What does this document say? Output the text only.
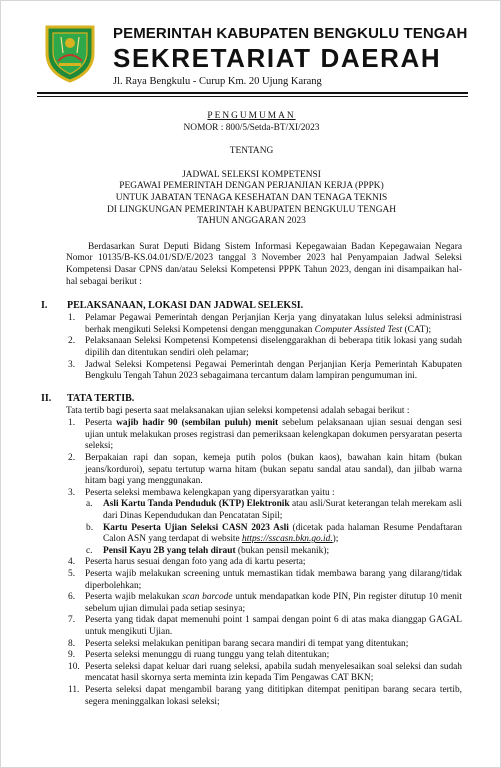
PEMERINTAH KABUPATEN BENGKULU TENGAH
SEKRETARIAT DAERAH
Jl. Raya Bengkulu - Curup Km. 20 Ujung Karang
PENGUMUMAN
NOMOR : 800/5/Setda-BT/XI/2023
TENTANG
JADWAL SELEKSI KOMPETENSI
PEGAWAI PEMERINTAH DENGAN PERJANJIAN KERJA (PPPK)
UNTUK JABATAN TENAGA KESEHATAN DAN TENAGA TEKNIS
DI LINGKUNGAN PEMERINTAH KABUPATEN BENGKULU TENGAH
TAHUN ANGGARAN 2023
Berdasarkan Surat Deputi Bidang Sistem Informasi Kepegawaian Badan Kepegawaian Negara Nomor 10135/B-KS.04.01/SD/E/2023 tanggal 3 November 2023 hal Penyampaian Jadwal Seleksi Kompetensi Dasar CPNS dan/atau Seleksi Kompetensi PPPK Tahun 2023, dengan ini disampaikan hal-hal sebagai berikut :
I. PELAKSANAAN, LOKASI DAN JADWAL SELEKSI.
1. Pelamar Pegawai Pemerintah dengan Perjanjian Kerja yang dinyatakan lulus seleksi administrasi berhak mengikuti Seleksi Kompetensi dengan menggunakan Computer Assisted Test (CAT);
2. Pelaksanaan Seleksi Kompetensi Kompetensi diselenggarakhan di beberapa titik lokasi yang sudah dipilih dan ditentukan sendiri oleh pelamar;
3. Jadwal Seleksi Kompetensi Pegawai Pemerintah dengan Perjanjian Kerja Pemerintah Kabupaten Bengkulu Tengah Tahun 2023 sebagaimana tercantum dalam lampiran pengumuman ini.
II. TATA TERTIB.
Tata tertib bagi peserta saat melaksanakan ujian seleksi kompetensi adalah sebagai berikut :
1. Peserta wajib hadir 90 (sembilan puluh) menit sebelum pelaksanaan ujian sesuai dengan sesi ujian untuk melakukan proses registrasi dan pemeriksaan kelengkapan dokumen persyaratan peserta seleksi;
2. Berpakaian rapi dan sopan, kemeja putih polos (bukan kaos), bawahan kain hitam (bukan jeans/korduroi), sepatu tertutup warna hitam (bukan sepatu sandal atau sandal), dan jilbab warna hitam bagi yang menggunakan.
3. Peserta seleksi membawa kelengkapan yang dipersyaratkan yaitu :
a. Asli Kartu Tanda Penduduk (KTP) Elektronik atau asli/Surat keterangan telah merekam asli dari Dinas Kependudukan dan Pencatatan Sipil;
b. Kartu Peserta Ujian Seleksi CASN 2023 Asli (dicetak pada halaman Resume Pendaftaran Calon ASN yang terdapat di website https://sscasn.bkn.go.id.);
c. Pensil Kayu 2B yang telah diraut (bukan pensil mekanik);
4. Peserta harus sesuai dengan foto yang ada di kartu peserta;
5. Peserta wajib melakukan screening untuk memastikan tidak membawa barang yang dilarang/tidak diperbolehkan;
6. Peserta wajib melakukan scan barcode untuk mendapatkan kode PIN, Pin register ditutup 10 menit sebelum ujian dimulai pada setiap sesinya;
7. Peserta yang tidak dapat memenuhi point 1 sampai dengan point 6 di atas maka dianggap GAGAL untuk mengikuti Ujian.
8. Peserta seleksi melakukan penitipan barang secara mandiri di tempat yang ditentukan;
9. Peserta seleksi menunggu di ruang tunggu yang telah ditentukan;
10. Peserta seleksi dapat keluar dari ruang seleksi, apabila sudah menyelesaikan soal seleksi dan sudah mencatat hasil skornya serta meminta izin kepada Tim Pengawas CAT BKN;
11. Peserta seleksi dapat mengambil barang yang dititipkan ditempat penitipan barang secara tertib, segera meninggalkan lokasi seleksi;
